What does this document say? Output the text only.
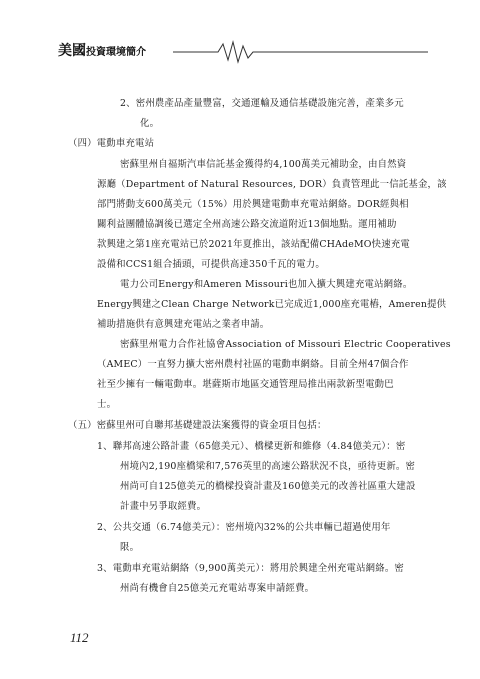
美國投資環境簡介
2、密州農產品產量豐富，交通運輸及通信基礎設施完善，產業多元
化。
（四）電動車充電站
密蘇里州自福斯汽車信託基金獲得約4,100萬美元補助金，由自然資
源廳（Department of Natural Resources, DOR）負責管理此一信託基金，該
部門將動支600萬美元（15%）用於興建電動車充電站網絡。DOR經與相
關利益團體協調後已選定全州高速公路交流道附近13個地點。運用補助
款興建之第1座充電站已於2021年夏推出，該站配備CHAdeMO快速充電
設備和CCS1組合插頭，可提供高達350千瓦的電力。
電力公司Energy和Ameren Missouri也加入擴大興建充電站網絡。
Energy興建之Clean Charge Network已完成近1,000座充電樁，Ameren提供
補助措施供有意興建充電站之業者申請。
密蘇里州電力合作社協會Association of Missouri Electric Cooperatives
（AMEC）一直努力擴大密州農村社區的電動車網絡。目前全州47個合作
社至少擁有一輛電動車。堪薩斯市地區交通管理局推出兩款新型電動巴
士。
（五）密蘇里州可自聯邦基礎建設法案獲得的資金項目包括：
1、聯邦高速公路計畫（65億美元）、橋樑更新和維修（4.84億美元）：密
州境內2,190座橋梁和7,576英里的高速公路狀況不良，亟待更新。密
州尚可自125億美元的橋樑投資計畫及160億美元的改善社區重大建設
計畫中另爭取經費。
2、公共交通（6.74億美元）：密州境內32%的公共車輛已超過使用年
限。
3、電動車充電站網絡（9,900萬美元）：將用於興建全州充電站網絡。密
州尚有機會自25億美元充電站專案申請經費。
112
